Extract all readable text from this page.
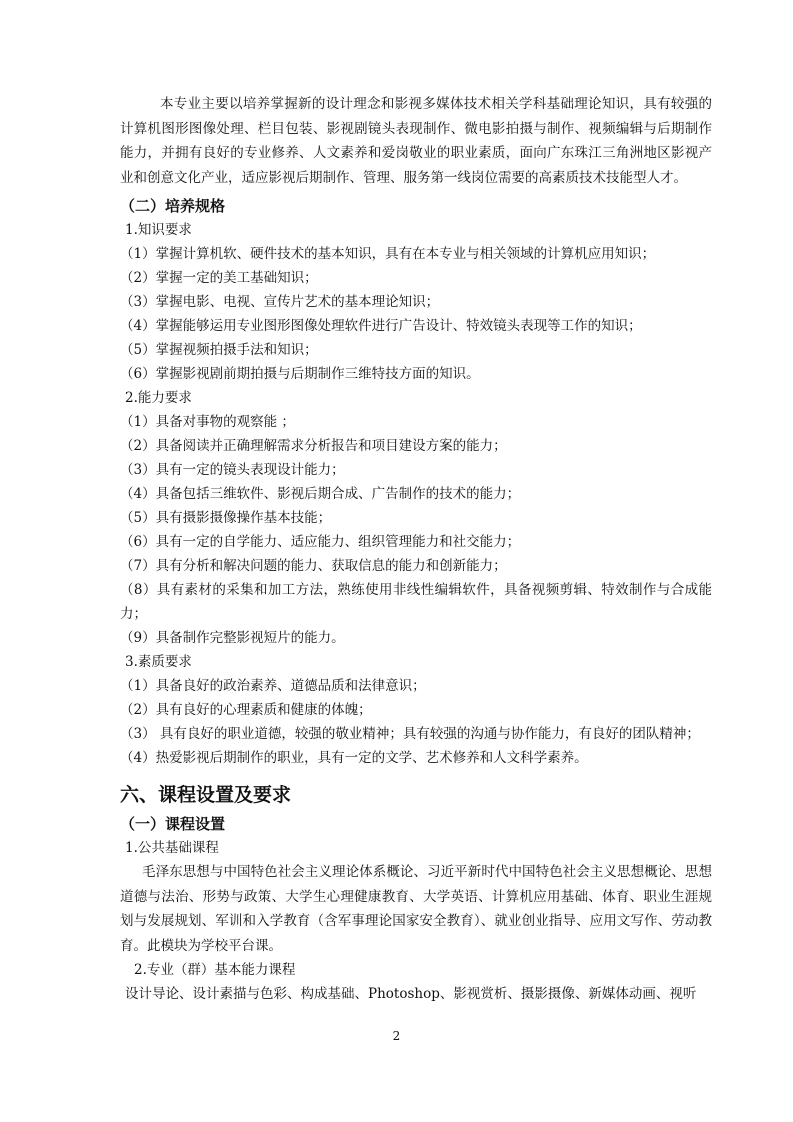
本专业主要以培养掌握新的设计理念和影视多媒体技术相关学科基础理论知识，具有较强的计算机图形图像处理、栏目包装、影视剧镜头表现制作、微电影拍摄与制作、视频编辑与后期制作能力，并拥有良好的专业修养、人文素养和爱岗敬业的职业素质，面向广东珠江三角洲地区影视产业和创意文化产业，适应影视后期制作、管理、服务第一线岗位需要的高素质技术技能型人才。

（二）培养规格

1.知识要求

（1）掌握计算机软、硬件技术的基本知识，具有在本专业与相关领域的计算机应用知识；

（2）掌握一定的美工基础知识；

（3）掌握电影、电视、宣传片艺术的基本理论知识；

（4）掌握能够运用专业图形图像处理软件进行广告设计、特效镜头表现等工作的知识；

（5）掌握视频拍摄手法和知识；

（6）掌握影视剧前期拍摄与后期制作三维特技方面的知识。

2.能力要求

（1）具备对事物的观察能 ；

（2）具备阅读并正确理解需求分析报告和项目建设方案的能力；

（3）具有一定的镜头表现设计能力；

（4）具备包括三维软件、影视后期合成、广告制作的技术的能力；

（5）具有摄影摄像操作基本技能；

（6）具有一定的自学能力、适应能力、组织管理能力和社交能力；

（7）具有分析和解决问题的能力、获取信息的能力和创新能力；

（8）具有素材的采集和加工方法，熟练使用非线性编辑软件，具备视频剪辑、特效制作与合成能力；

（9）具备制作完整影视短片的能力。

3.素质要求

（1）具备良好的政治素养、道德品质和法律意识；

（2）具有良好的心理素质和健康的体魄；

（3） 具有良好的职业道德，较强的敬业精神；具有较强的沟通与协作能力，有良好的团队精神；

（4）热爱影视后期制作的职业，具有一定的文学、艺术修养和人文科学素养。

六、课程设置及要求

（一）课程设置

1.公共基础课程

毛泽东思想与中国特色社会主义理论体系概论、习近平新时代中国特色社会主义思想概论、思想道德与法治、形势与政策、大学生心理健康教育、大学英语、计算机应用基础、体育、职业生涯规划与发展规划、军训和入学教育（含军事理论国家安全教育）、就业创业指导、应用文写作、劳动教育。此模块为学校平台课。

2.专业（群）基本能力课程

设计导论、设计素描与色彩、构成基础、Photoshop、影视赏析、摄影摄像、新媒体动画、视听

2
